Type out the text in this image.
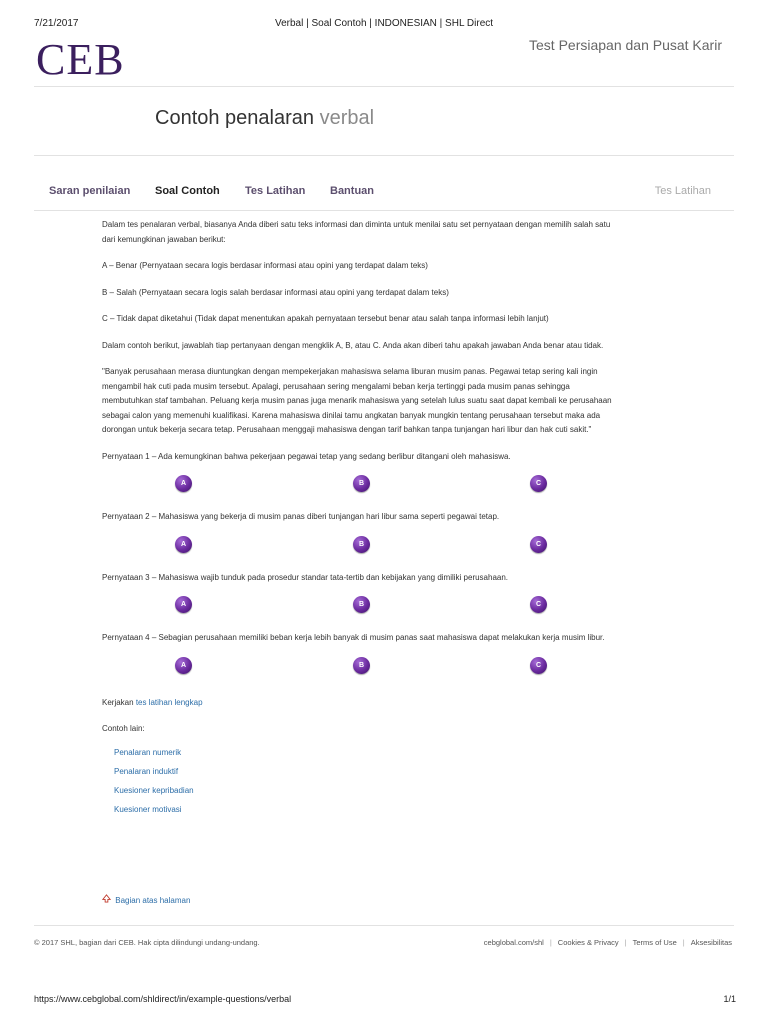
7/21/2017	Verbal | Soal Contoh | INDONESIAN | SHL Direct
CEB	Test Persiapan dan Pusat Karir
Contoh penalaran verbal
Saran penilaian Soal Contoh Tes Latihan Bantuan	Tes Latihan

Dalam tes penalaran verbal, biasanya Anda diberi satu teks informasi dan diminta untuk menilai satu set pernyataan dengan memilih salah satu dari kemungkinan jawaban berikut:

A – Benar (Pernyataan secara logis berdasar informasi atau opini yang terdapat dalam teks)

B – Salah (Pernyataan secara logis salah berdasar informasi atau opini yang terdapat dalam teks)

C – Tidak dapat diketahui (Tidak dapat menentukan apakah pernyataan tersebut benar atau salah tanpa informasi lebih lanjut)

Dalam contoh berikut, jawablah tiap pertanyaan dengan mengklik A, B, atau C. Anda akan diberi tahu apakah jawaban Anda benar atau tidak.

"Banyak perusahaan merasa diuntungkan dengan mempekerjakan mahasiswa selama liburan musim panas. Pegawai tetap sering kali ingin mengambil hak cuti pada musim tersebut. Apalagi, perusahaan sering mengalami beban kerja tertinggi pada musim panas sehingga membutuhkan staf tambahan. Peluang kerja musim panas juga menarik mahasiswa yang setelah lulus suatu saat dapat kembali ke perusahaan sebagai calon yang memenuhi kualifikasi. Karena mahasiswa dinilai tamu angkatan banyak mungkin tentang perusahaan tersebut maka ada dorongan untuk bekerja secara tetap. Perusahaan menggaji mahasiswa dengan tarif bahkan tanpa tunjangan hari libur dan hak cuti sakit."

Pernyataan 1 – Ada kemungkinan bahwa pekerjaan pegawai tetap yang sedang berlibur ditangani oleh mahasiswa.

A	B	C

Pernyataan 2 – Mahasiswa yang bekerja di musim panas diberi tunjangan hari libur sama seperti pegawai tetap.

A	B	C

Pernyataan 3 – Mahasiswa wajib tunduk pada prosedur standar tata-tertib dan kebijakan yang dimiliki perusahaan.

A	B	C

Pernyataan 4 – Sebagian perusahaan memiliki beban kerja lebih banyak di musim panas saat mahasiswa dapat melakukan kerja musim libur.

A	B	C

Kerjakan tes latihan lengkap

Contoh lain:

Penalaran numerik
Penalaran induktif
Kuesioner kepribadian
Kuesioner motivasi
Bagian atas halaman
© 2017 SHL, bagian dari CEB. Hak cipta dilindungi undang-undang.	cebglobal.com/shl | Cookies & Privacy | Terms of Use | Aksesibilitas
https://www.cebglobal.com/shldirect/in/example-questions/verbal	1/1
